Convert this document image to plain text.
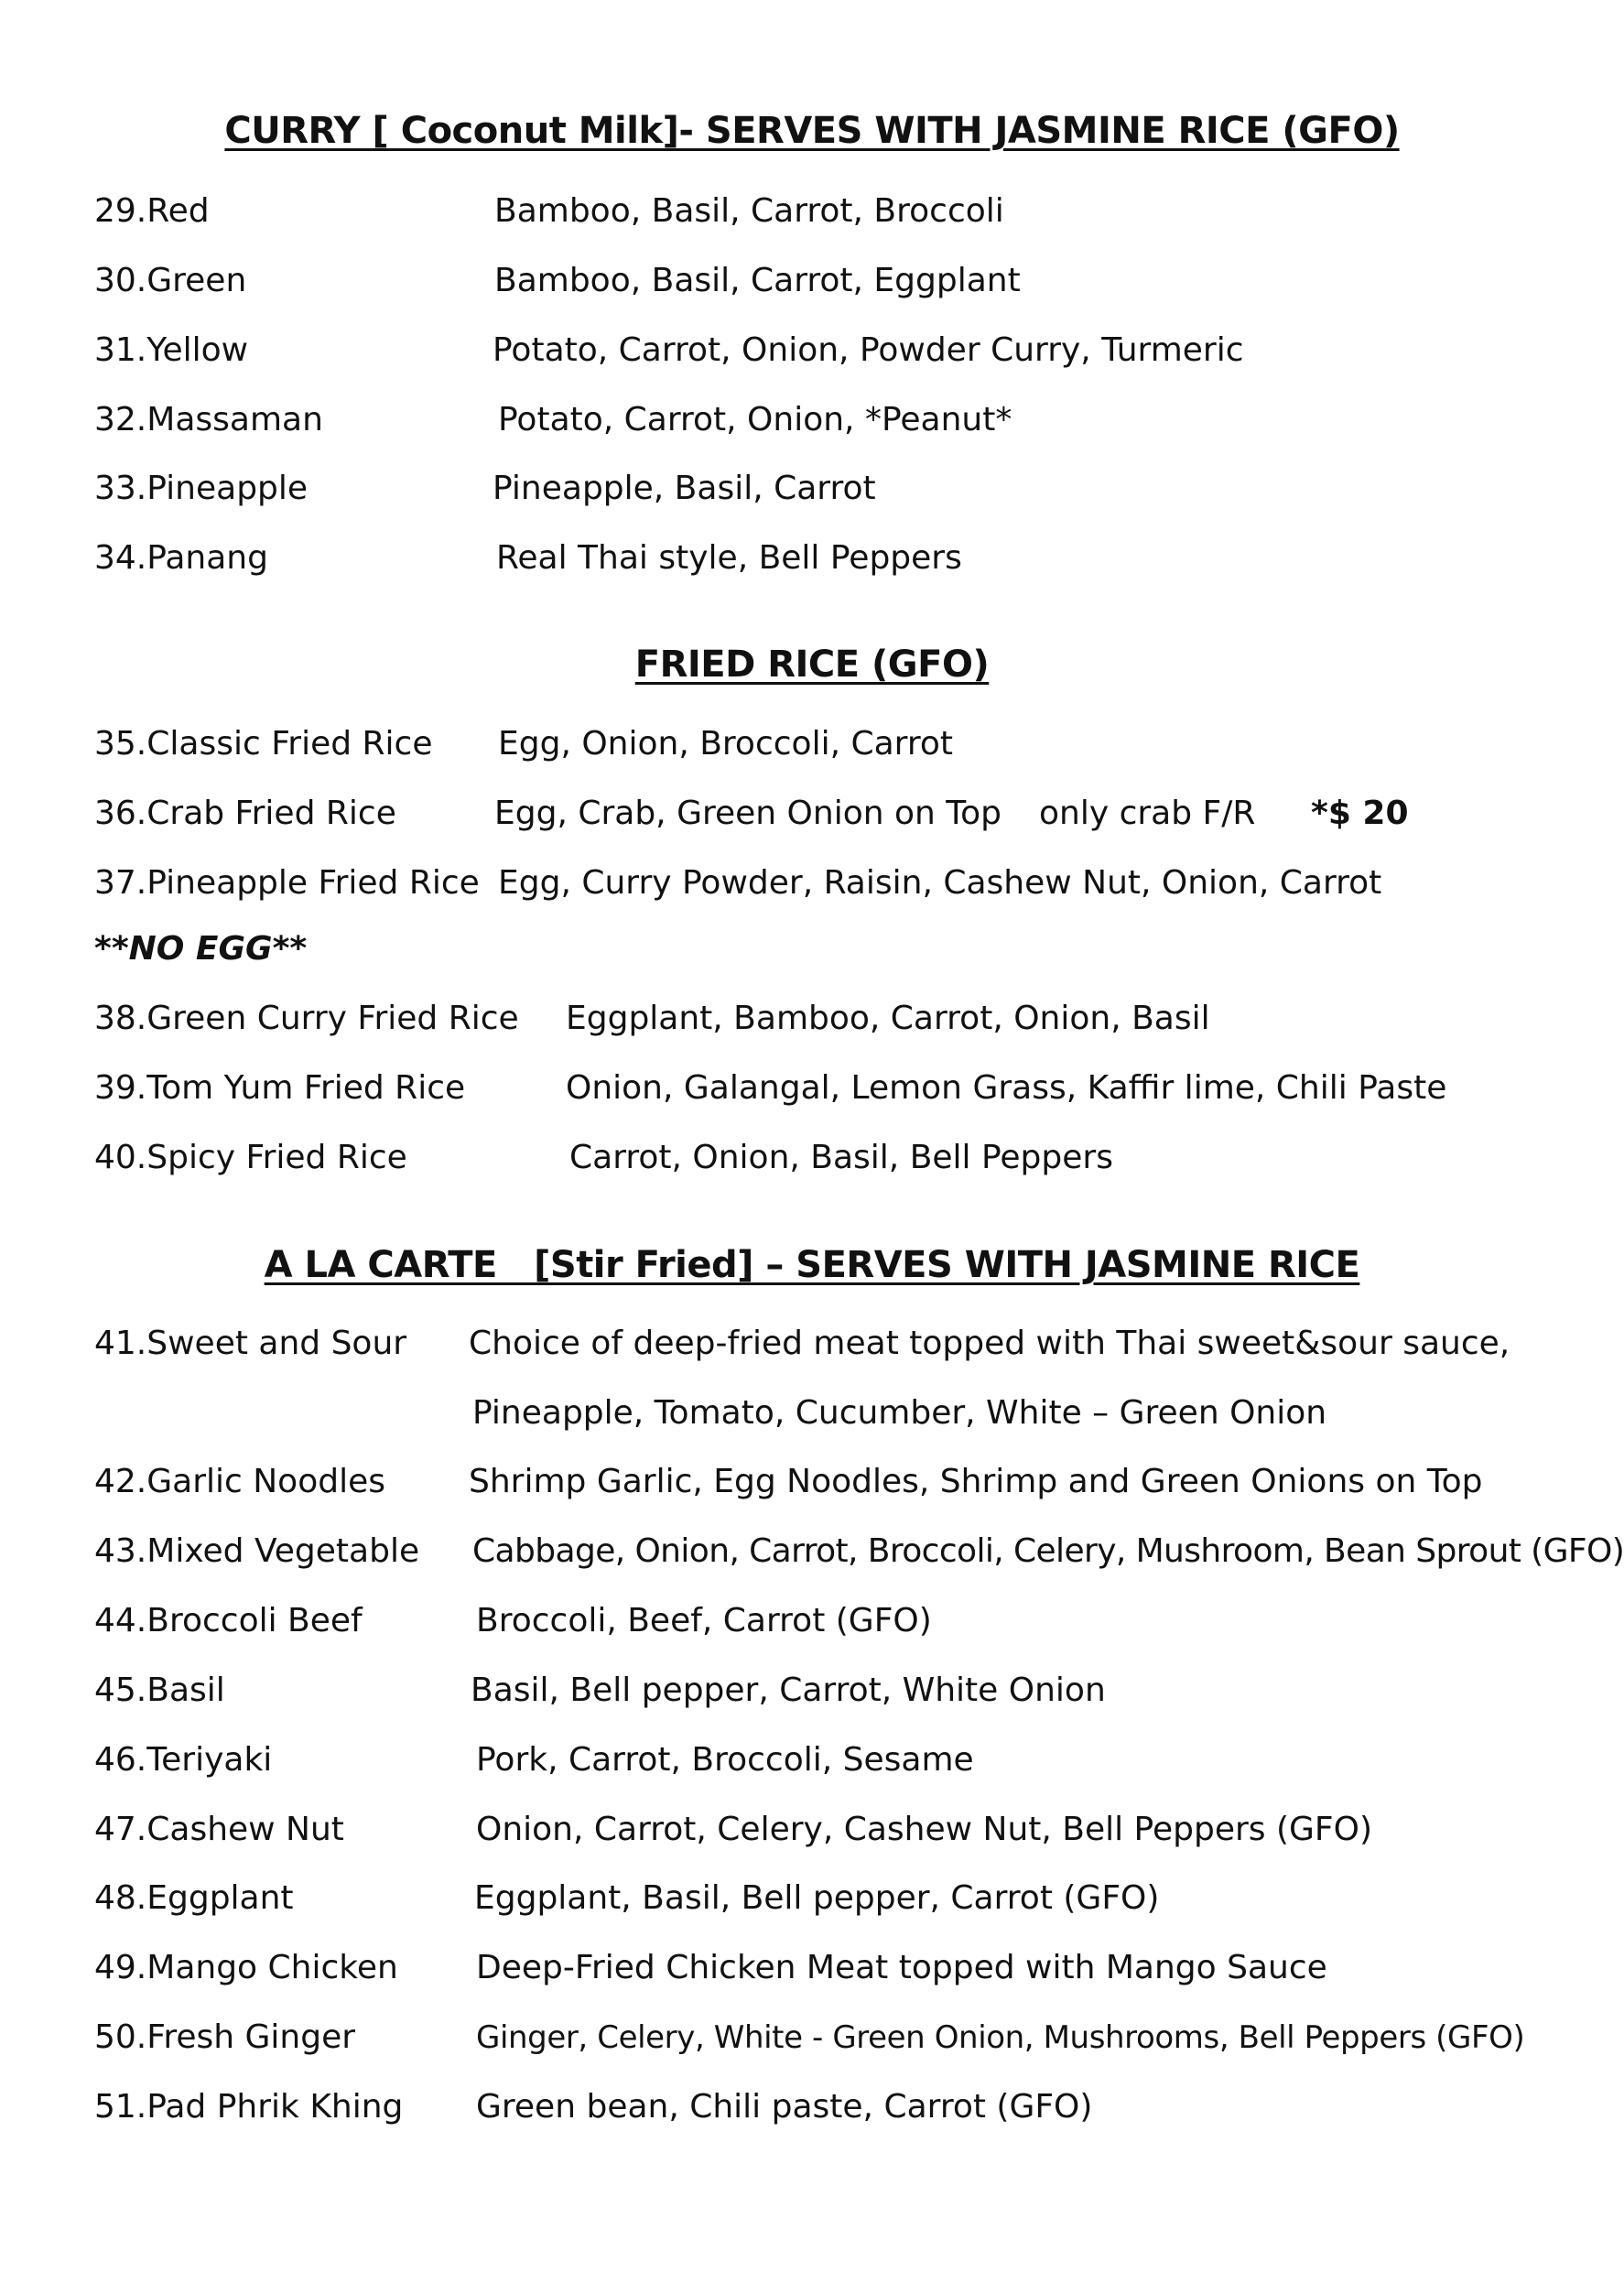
CURRY [ Coconut Milk]- SERVES WITH JASMINE RICE (GFO)
29.Red	Bamboo, Basil, Carrot, Broccoli
30.Green	Bamboo, Basil, Carrot, Eggplant
31.Yellow	Potato, Carrot, Onion, Powder Curry, Turmeric
32.Massaman	Potato, Carrot, Onion, *Peanut*
33.Pineapple	Pineapple, Basil, Carrot
34.Panang	Real Thai style, Bell Peppers
FRIED RICE (GFO)
35.Classic Fried Rice Egg, Onion, Broccoli, Carrot
36.Crab Fried Rice	Egg, Crab, Green Onion on Top only crab F/R *$ 20
37.Pineapple Fried Rice Egg, Curry Powder, Raisin, Cashew Nut, Onion, Carrot
**NO EGG**
38.Green Curry Fried Rice Eggplant, Bamboo, Carrot, Onion, Basil
39.Tom Yum Fried Rice	Onion, Galangal, Lemon Grass, Kaffir lime, Chili Paste
40.Spicy Fried Rice	Carrot, Onion, Basil, Bell Peppers
A LA CARTE   [Stir Fried] – SERVES WITH JASMINE RICE
41.Sweet and Sour Choice of deep-fried meat topped with Thai sweet&sour sauce,
Pineapple, Tomato, Cucumber, White – Green Onion
42.Garlic Noodles	Shrimp Garlic, Egg Noodles, Shrimp and Green Onions on Top
43.Mixed Vegetable Cabbage, Onion, Carrot, Broccoli, Celery, Mushroom, Bean Sprout (GFO)
44.Broccoli Beef	Broccoli, Beef, Carrot (GFO)
45.Basil	Basil, Bell pepper, Carrot, White Onion
46.Teriyaki	Pork, Carrot, Broccoli, Sesame
47.Cashew Nut	Onion, Carrot, Celery, Cashew Nut, Bell Peppers (GFO)
48.Eggplant	Eggplant, Basil, Bell pepper, Carrot (GFO)
49.Mango Chicken Deep-Fried Chicken Meat topped with Mango Sauce
50.Fresh Ginger	Ginger, Celery, White - Green Onion, Mushrooms, Bell Peppers (GFO)
51.Pad Phrik Khing Green bean, Chili paste, Carrot (GFO)
